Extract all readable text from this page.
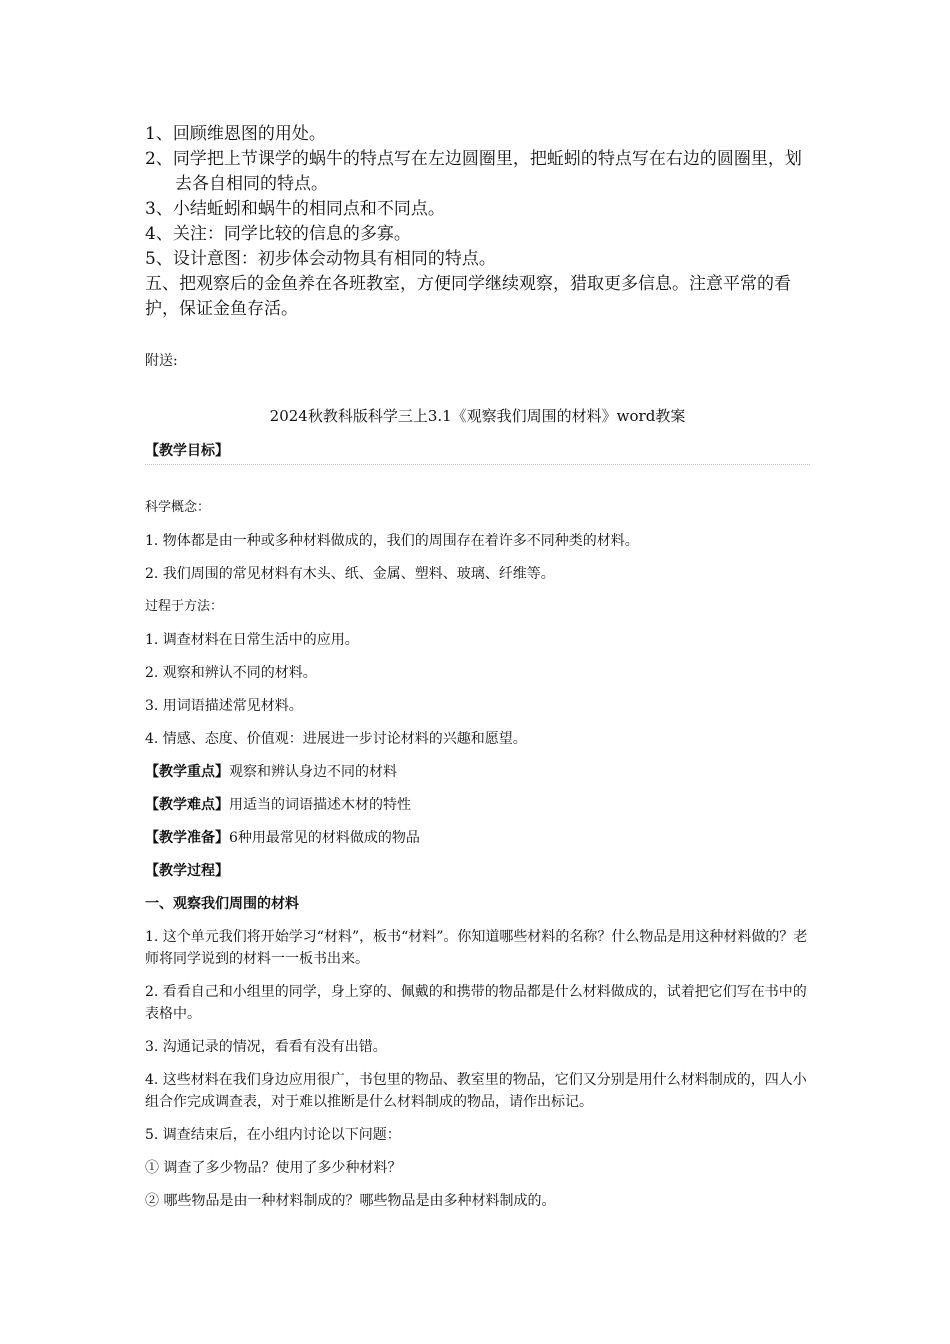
1、回顾维恩图的用处。

2、同学把上节课学的蜗牛的特点写在左边圆圈里，把蚯蚓的特点写在右边的圆圈里，划去各自相同的特点。

3、小结蚯蚓和蜗牛的相同点和不同点。

4、关注：同学比较的信息的多寡。

5、设计意图：初步体会动物具有相同的特点。

五、把观察后的金鱼养在各班教室，方便同学继续观察，猎取更多信息。注意平常的看护，保证金鱼存活。

附送:
2024秋教科版科学三上3.1《观察我们周围的材料》word教案
【教学目标】

科学概念：

1. 物体都是由一种或多种材料做成的，我们的周围存在着许多不同种类的材料。

2. 我们周围的常见材料有木头、纸、金属、塑料、玻璃、纤维等。

过程于方法：

1. 调查材料在日常生活中的应用。

2. 观察和辨认不同的材料。

3. 用词语描述常见材料。

4. 情感、态度、价值观：进展进一步讨论材料的兴趣和愿望。

【教学重点】观察和辨认身边不同的材料

【教学难点】用适当的词语描述木材的特性

【教学准备】6种用最常见的材料做成的物品

【教学过程】

一、观察我们周围的材料

1. 这个单元我们将开始学习“材料”，板书“材料”。你知道哪些材料的名称？什么物品是用这种材料做的？老师将同学说到的材料一一板书出来。

2. 看看自己和小组里的同学，身上穿的、佩戴的和携带的物品都是什么材料做成的，试着把它们写在书中的表格中。

3. 沟通记录的情况，看看有没有出错。

4. 这些材料在我们身边应用很广，书包里的物品、教室里的物品，它们又分别是用什么材料制成的，四人小组合作完成调查表，对于难以推断是什么材料制成的物品，请作出标记。

5. 调查结束后，在小组内讨论以下问题：

① 调查了多少物品？使用了多少种材料？

② 哪些物品是由一种材料制成的？哪些物品是由多种材料制成的。
